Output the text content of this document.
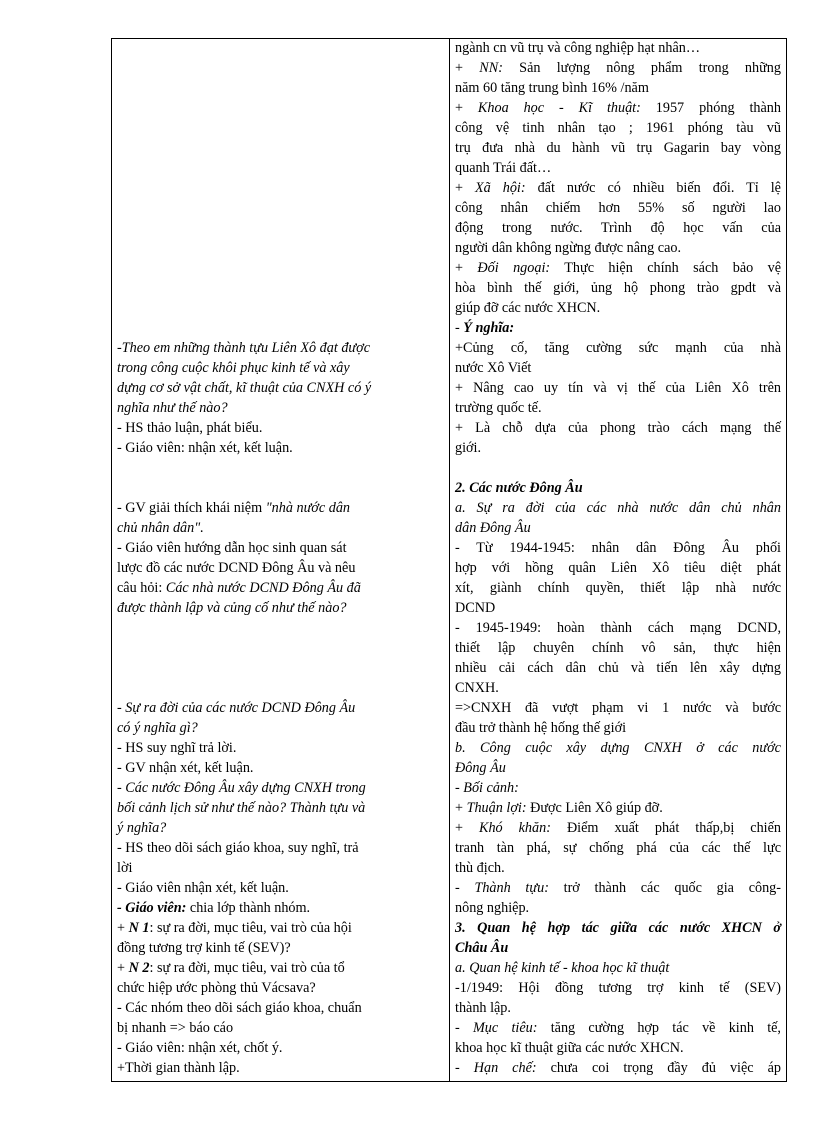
-Theo em những thành tựu Liên Xô đạt được
trong công cuộc khôi phục kinh tế và xây
dựng cơ sở vật chất, kĩ thuật của CNXH có ý
nghĩa như thế nào?
- HS thảo luận, phát biểu.
- Giáo viên: nhận xét, kết luận.
- GV giải thích khái niệm "nhà nước dân
chủ nhân dân".
- Giáo viên hướng dẫn học sinh quan sát
lược đồ các nước DCND Đông Âu và nêu
câu hỏi: Các nhà nước DCND Đông Âu đã
được thành lập và củng cố như thế nào?
- Sự ra đời của các nước DCND Đông Âu
có ý nghĩa gì?
- HS suy nghĩ trả lời.
- GV nhận xét, kết luận.
- Các nước Đông Âu xây dựng CNXH trong
bối cảnh lịch sử như thế nào? Thành tựu và
ý nghĩa?
- HS theo dõi sách giáo khoa, suy nghĩ, trả
lời
- Giáo viên nhận xét, kết luận.
- Giáo viên: chia lớp thành nhóm.
+ N 1: sự ra đời, mục tiêu, vai trò của hội
đồng tương trợ kinh tế (SEV)?
+ N 2: sự ra đời, mục tiêu, vai trò của tổ
chức hiệp ước phòng thủ Vácsava?
- Các nhóm theo dõi sách giáo khoa, chuẩn
bị nhanh => báo cáo
- Giáo viên: nhận xét, chốt ý.
+Thời gian thành lập.
ngành cn vũ trụ và công nghiệp hạt nhân…
+ NN: Sản lượng nông phẩm trong những
năm 60 tăng trung bình 16% /năm
+ Khoa học - Kĩ thuật: 1957 phóng thành
công vệ tinh nhân tạo ; 1961 phóng tàu vũ
trụ đưa nhà du hành vũ trụ Gagarin bay vòng
quanh Trái đất…
+ Xã hội: đất nước có nhiều biến đổi. Tỉ lệ
công nhân chiếm hơn 55% số người lao
động trong nước. Trình độ học vấn của
người dân không ngừng được nâng cao.
+ Đối ngoại: Thực hiện chính sách bảo vệ
hòa bình thế giới, ủng hộ phong trào gpdt và
giúp đỡ các nước XHCN.
- Ý nghĩa:
+Củng cố, tăng cường sức mạnh của nhà
nước Xô Viết
+ Nâng cao uy tín và vị thế của Liên Xô trên
trường quốc tế.
+ Là chỗ dựa của phong trào cách mạng thế
giới.
2. Các nước Đông Âu
a. Sự ra đời của các nhà nước dân chủ nhân
dân Đông Âu
- Từ 1944-1945: nhân dân Đông Âu phối
hợp với hồng quân Liên Xô tiêu diệt phát
xít, giành chính quyền, thiết lập nhà nước
DCND
- 1945-1949: hoàn thành cách mạng DCND,
thiết lập chuyên chính vô sản, thực hiện
nhiều cải cách dân chủ và tiến lên xây dựng
CNXH.
=>CNXH đã vượt phạm vi 1 nước và bước
đầu trở thành hệ hống thế giới
b. Công cuộc xây dựng CNXH ở các nước
Đông Âu
- Bối cảnh:
+ Thuận lợi: Được Liên Xô giúp đỡ.
+ Khó khăn: Điểm xuất phát thấp,bị chiến
tranh tàn phá, sự chống phá của các thế lực
thù địch.
- Thành tựu: trở thành các quốc gia công-
nông nghiệp.
3. Quan hệ hợp tác giữa các nước XHCN ở
Châu Âu
a. Quan hệ kinh tế - khoa học kĩ thuật
-1/1949: Hội đồng tương trợ kinh tế (SEV)
thành lập.
- Mục tiêu: tăng cường hợp tác về kinh tế,
khoa học kĩ thuật giữa các nước XHCN.
- Hạn chế: chưa coi trọng đầy đủ việc áp
